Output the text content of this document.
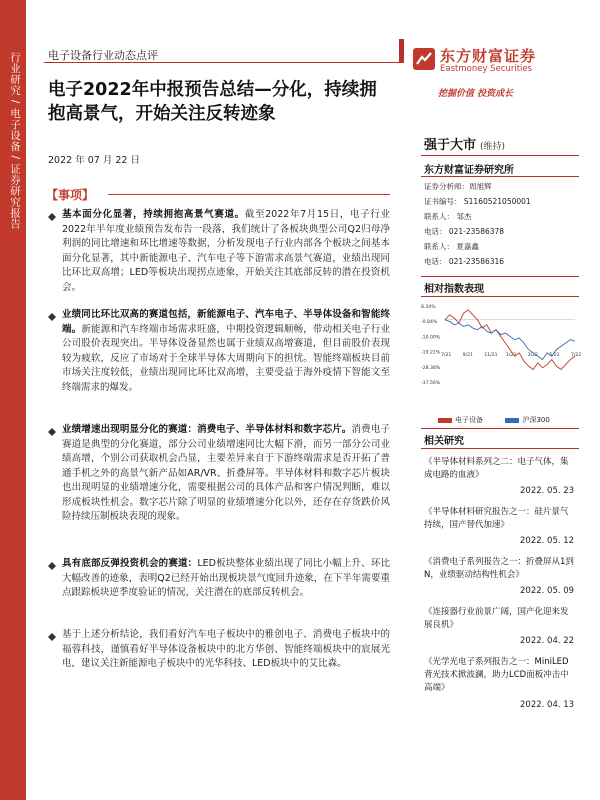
行业研究 / 电子设备 / 证券研究报告 电子设备行业动态点评	东方财富证券
Eastmoney Securities
挖掘价值 投资成长
电子2022年中报预告总结—分化，持续拥抱高景气，开始关注反转迹象
2022 年 07 月 22 日
强于大市 (维持)
东方财富证券研究所
证券分析师：周旭辉
证书编号： S1160521050001
联系人： 邹杰
电话： 021-23586378
联系人： 夏嘉鑫
电话： 021-23586316
相对指数表现
8.34%
-0.84%
-10.00%
-19.21%
-28.38%
-37.56%
7/21 9/21 11/21 1/22 3/22 5/22 7/22
电子设备	沪深300
相关研究
《半导体材料系列之二：电子气体，集成电路的血液》
2022. 05. 23
《半导体材料研究报告之一：硅片景气持续，国产替代加速》
2022. 05. 12
《消费电子系列报告之一：折叠屏从1到N，业绩驱动结构性机会》
2022. 05. 09
《连接器行业前景广阔，国产化迎来发展良机》
2022. 04. 22
《光学光电子系列报告之一：MiniLED背光技术掀波澜，助力LCD面板冲击中高端》
2022. 04. 13
【事项】
基本面分化显著，持续拥抱高景气赛道。截至2022年7月15日，电子行业2022年半年度业绩预告发布告一段落，我们统计了各板块典型公司Q2归母净利润的同比增速和环比增速等数据，分析发现电子行业内部各个板块之间基本面分化显著，其中新能源电子、汽车电子等下游需求高景气赛道，业绩出现同比环比双高增；LED等板块出现拐点迹象，开始关注其底部反转的潜在投资机会。
业绩同比环比双高的赛道包括，新能源电子、汽车电子、半导体设备和智能终端。新能源和汽车终端市场需求旺盛，中期投资逻辑顺畅，带动相关电子行业公司股价表现突出。半导体设备显然也属于业绩双高增赛道，但目前股价表现较为疲软，反应了市场对于全球半导体大周期向下的担忧。智能终端板块目前市场关注度较低，业绩出现同比环比双高增，主要受益于海外疫情下智能文至终端需求的爆发。
业绩增速出现明显分化的赛道：消费电子、半导体材料和数字芯片。消费电子赛道是典型的分化赛道，部分公司业绩增速同比大幅下滑，而另一部分公司业绩高增，个别公司获取机会凸显，主要差异来自于下游终端需求是否开拓了普通手机之外的高景气新产品如AR/VR、折叠屏等。半导体材料和数字芯片板块也出现明显的业绩增速分化，需要根据公司的具体产品和客户情况判断，难以形成板块性机会。数字芯片除了明显的业绩增速分化以外，还存在存货跌价风险持续压制板块表现的现象。
具有底部反弹投资机会的赛道：LED板块整体业绩出现了同比小幅上升、环比大幅改善的迹象，表明Q2已经开始出现板块景气度回升迹象，在下半年需要重点跟踪板块逆季度验证的情况，关注潜在的底部反转机会。
基于上述分析结论，我们看好汽车电子板块中的雅创电子、消费电子板块中的福蓉科技，谨慎看好半导体设备板块中的北方华创、智能终端板块中的宸展光电，建议关注新能源电子板块中的光华科技、LED板块中的艾比森。
